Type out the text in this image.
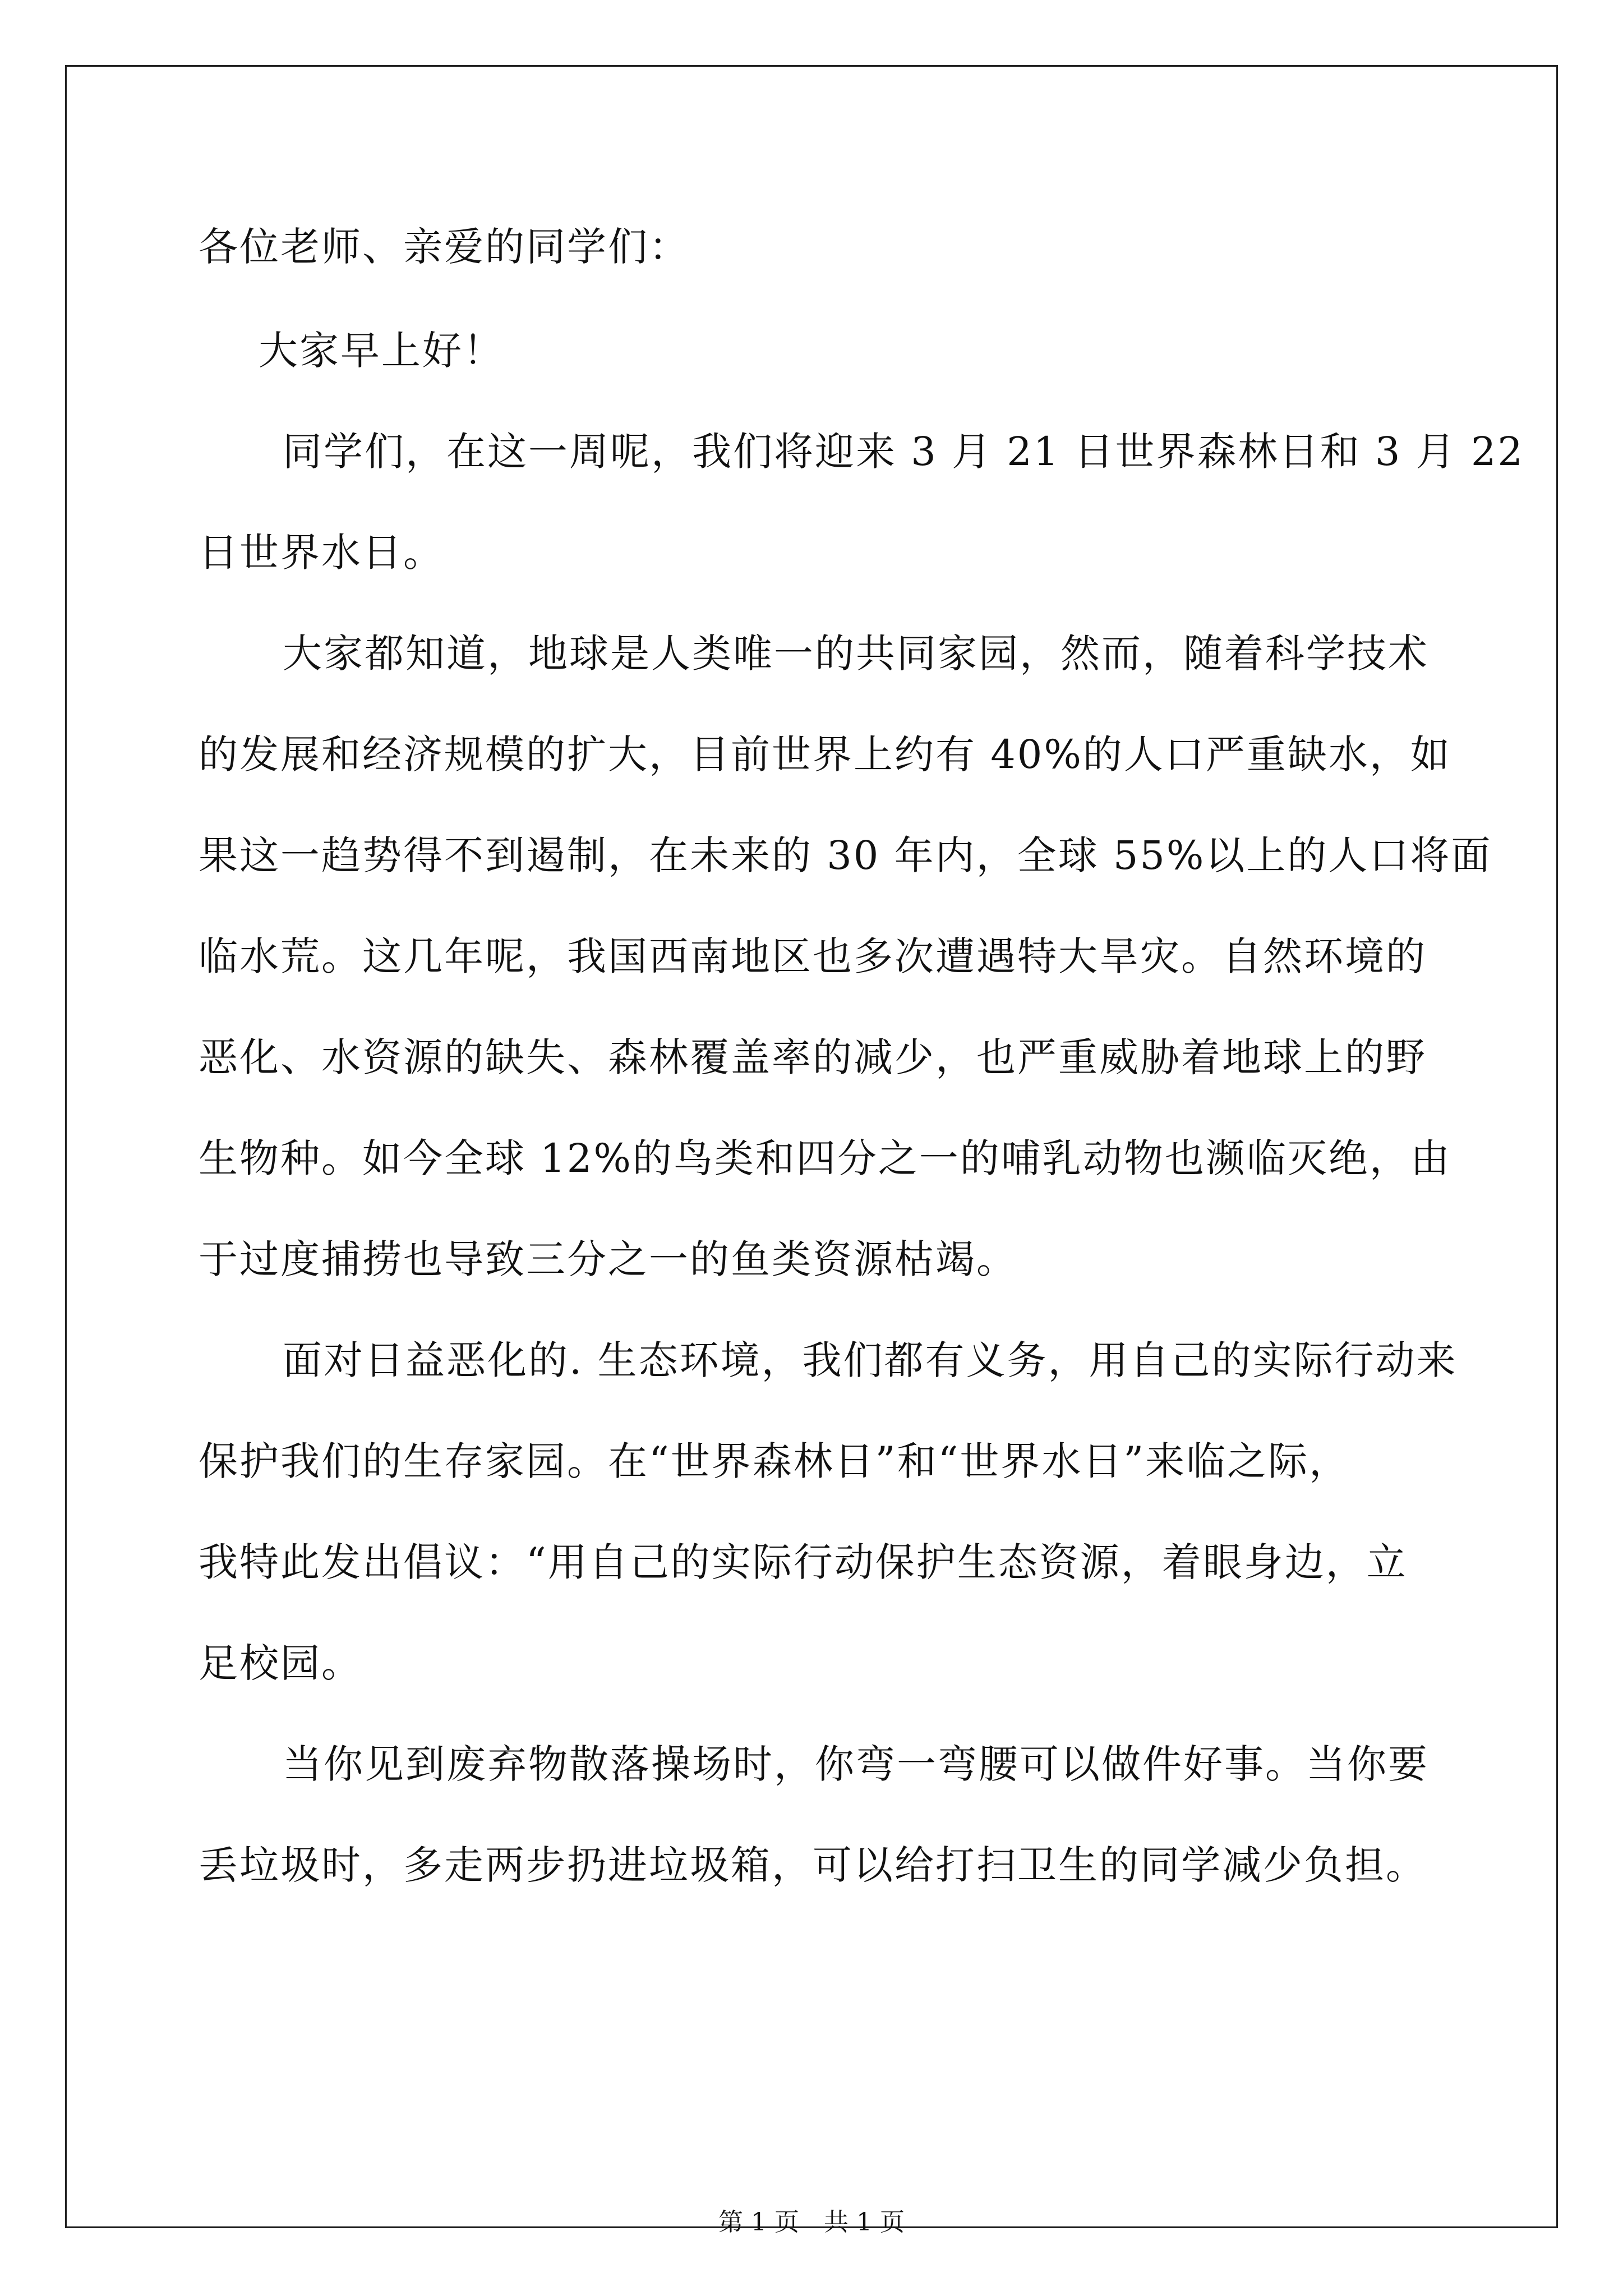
各位老师、亲爱的同学们：
大家早上好！
同学们，在这一周呢，我们将迎来 3 月 21 日世界森林日和 3 月 22
日世界水日。
大家都知道，地球是人类唯一的共同家园，然而，随着科学技术
的发展和经济规模的扩大，目前世界上约有 40%的人口严重缺水，如
果这一趋势得不到遏制，在未来的 30 年内，全球 55%以上的人口将面
临水荒。这几年呢，我国西南地区也多次遭遇特大旱灾。自然环境的
恶化、水资源的缺失、森林覆盖率的减少，也严重威胁着地球上的野
生物种。如今全球 12%的鸟类和四分之一的哺乳动物也濒临灭绝，由
于过度捕捞也导致三分之一的鱼类资源枯竭。
面对日益恶化的. 生态环境，我们都有义务，用自己的实际行动来
保护我们的生存家园。在“世界森林日”和“世界水日”来临之际，
我特此发出倡议：“用自己的实际行动保护生态资源，着眼身边，立
足校园。
当你见到废弃物散落操场时，你弯一弯腰可以做件好事。当你要
丢垃圾时，多走两步扔进垃圾箱，可以给打扫卫生的同学减少负担。
第 1 页　共 1 页
